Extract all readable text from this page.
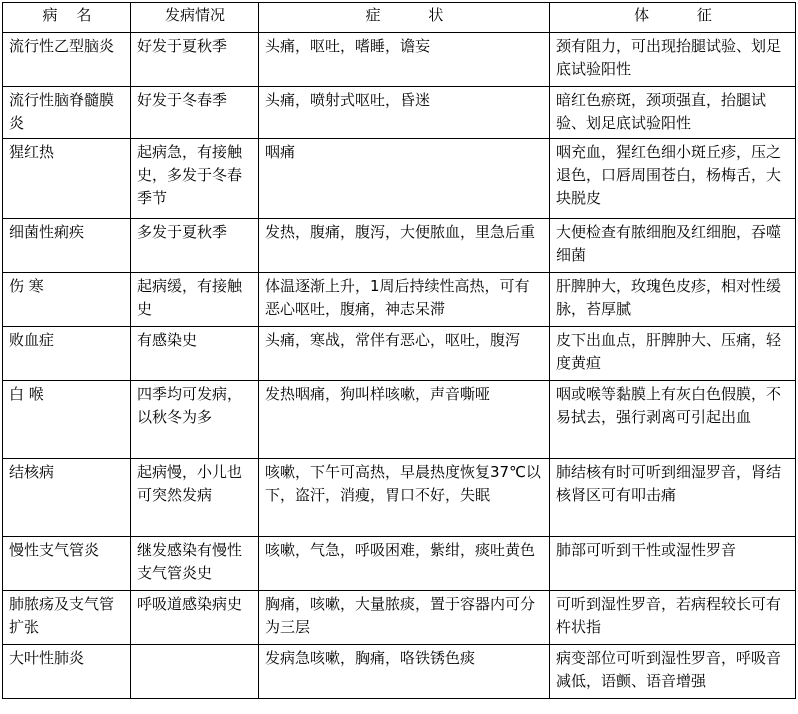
病    名	发病情况	症          状	体          征
流行性乙型脑炎	好发于夏秋季	头痛，呕吐，嗜睡，谵妄	颈有阻力，可出现抬腿试验、划足底试验阳性
流行性脑脊髓膜炎	好发于冬春季	头痛，喷射式呕吐，昏迷	暗红色瘀斑，颈项强直，抬腿试验、划足底试验阳性
猩红热	起病急，有接触史，多发于冬春季节	咽痛	咽充血，猩红色细小斑丘疹，压之退色，口唇周围苍白，杨梅舌，大块脱皮
细菌性痢疾	多发于夏秋季	发热，腹痛，腹泻，大便脓血，里急后重	大便检查有脓细胞及红细胞，吞噬细菌
伤 寒	起病缓，有接触史	体温逐渐上升，1周后持续性高热，可有恶心呕吐，腹痛，神志呆滞	肝脾肿大，玫瑰色皮疹，相对性缓脉，苔厚腻
败血症	有感染史	头痛，寒战，常伴有恶心，呕吐，腹泻	皮下出血点，肝脾肿大、压痛，轻度黄疸
白 喉	四季均可发病，以秋冬为多	发热咽痛，狗叫样咳嗽，声音嘶哑	咽或喉等黏膜上有灰白色假膜，不易拭去，强行剥离可引起出血
结核病	起病慢，小儿也可突然发病	咳嗽，下午可高热，早晨热度恢复37℃以下，盗汗，消瘦，胃口不好，失眠	肺结核有时可听到细湿罗音，肾结核肾区可有叩击痛
慢性支气管炎	继发感染有慢性支气管炎史	咳嗽，气急，呼吸困难，紫绀，痰吐黄色	肺部可听到干性或湿性罗音
肺脓疡及支气管扩张	呼吸道感染病史	胸痛，咳嗽，大量脓痰，置于容器内可分为三层	可听到湿性罗音，若病程较长可有杵状指
大叶性肺炎		发病急咳嗽，胸痛，咯铁锈色痰	病变部位可听到湿性罗音，呼吸音减低，语颤、语音增强
